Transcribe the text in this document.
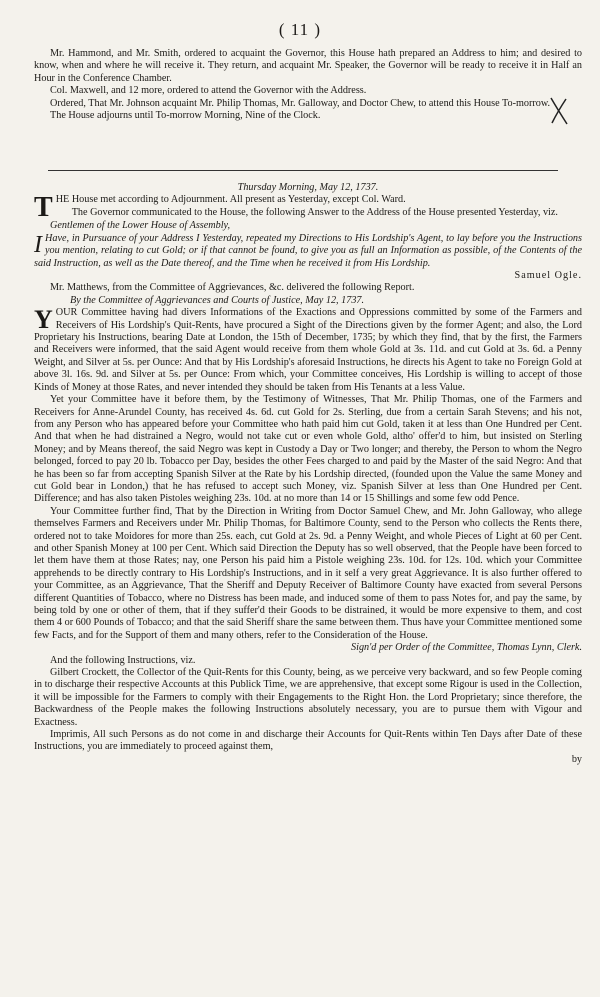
( 11 )

Mr. Hammond, and Mr. Smith, ordered to acquaint the Governor, this House hath prepared an Address to him; and desired to know, when and where he will receive it. They return, and acquaint Mr. Speaker, the Governor will be ready to receive it in Half an Hour in the Conference Chamber.

Col. Maxwell, and 12 more, ordered to attend the Governor with the Address.

Ordered, That Mr. Johnson acquaint Mr. Philip Thomas, Mr. Galloway, and Doctor Chew, to attend this House To-morrow.

The House adjourns until To-morrow Morning, Nine of the Clock.

Thursday Morning, May 12, 1737.

THE House met according to Adjournment. All present as Yesterday, except Col. Ward.

The Governor communicated to the House, the following Answer to the Address of the House presented Yesterday, viz.

Gentlemen of the Lower House of Assembly,

I Have, in Pursuance of your Address I Yesterday, repeated my Directions to His Lordship's Agent, to lay before you the Instructions you mention, relating to cut Gold; or if that cannot be found, to give you as full an Information as possible, of the Contents of the said Instruction, as well as the Date thereof, and the Time when he received it from His Lordship.

Samuel Ogle.

Mr. Matthews, from the Committee of Aggrievances, &c. delivered the following Report.

By the Committee of Aggrievances and Courts of Justice, May 12, 1737.

YOUR Committee having had divers Informations of the Exactions and Oppressions committed by some of the Farmers and Receivers of His Lordship's Quit-Rents, have procured a Sight of the Directions given by the former Agent; and also, the Lord Proprietary his Instructions, bearing Date at London, the 15th of December, 1735; by which they find, that by the first, the Farmers and Receivers were informed, that the said Agent would receive from them whole Gold at 3s. 11d. and cut Gold at 3s. 6d. a Penny Weight, and Silver at 5s. per Ounce: And that by His Lordship's aforesaid Instructions, he directs his Agent to take no Foreign Gold at above 3l. 16s. 9d. and Silver at 5s. per Ounce: From which, your Committee conceives, His Lordship is willing to accept of those Kinds of Money at those Rates, and never intended they should be taken from His Tenants at a less Value.

Yet your Committee have it before them, by the Testimony of Witnesses, That Mr. Philip Thomas, one of the Farmers and Receivers for Anne-Arundel County, has received 4s. 6d. cut Gold for 2s. Sterling, due from a certain Sarah Stevens; and his not, from any Person who has appeared before your Committee who hath paid him cut Gold, taken it at less than One Hundred per Cent. And that when he had distrained a Negro, would not take cut or even whole Gold, altho' offer'd to him, but insisted on Sterling Money; and by Means thereof, the said Negro was kept in Custody a Day or Two longer; and thereby, the Person to whom the Negro belonged, forced to pay 20 lb. Tobacco per Day, besides the other Fees charged to and paid by the Master of the said Negro: And that he has been so far from accepting Spanish Silver at the Rate by his Lordship directed, (founded upon the Value the same Money and cut Gold bear in London,) that he has refused to accept such Money, viz. Spanish Silver at less than One Hundred per Cent. Difference; and has also taken Pistoles weighing 23s. 10d. at no more than 14 or 15 Shillings and some few odd Pence.

Your Committee further find, That by the Direction in Writing from Doctor Samuel Chew, and Mr. John Galloway, who allege themselves Farmers and Receivers under Mr. Philip Thomas, for Baltimore County, send to the Person who collects the Rents there, ordered not to take Moidores for more than 25s. each, cut Gold at 2s. 9d. a Penny Weight, and whole Pieces of Light at 60 per Cent. and other Spanish Money at 100 per Cent. Which said Direction the Deputy has so well observed, that the People have been forced to let them have them at those Rates; nay, one Person his paid him a Pistole weighing 23s. 10d. for 12s. 10d. which your Committee apprehends to be directly contrary to His Lordship's Instructions, and in it self a very great Aggrievance. It is also further offered to your Committee, as an Aggrievance, That the Sheriff and Deputy Receiver of Baltimore County have exacted from several Persons different Quantities of Tobacco, where no Distress has been made, and induced some of them to pass Notes for, and pay the same, by being told by one or other of them, that if they suffer'd their Goods to be distrained, it would be more expensive to them, and cost them 4 or 600 Pounds of Tobacco; and that the said Sheriff share the same between them. Thus have your Committee mentioned some few Facts, and for the Support of them and many others, refer to the Consideration of the House.

Sign'd per Order of the Committee, Thomas Lynn, Clerk.

And the following Instructions, viz.

Gilbert Crockett, the Collector of the Quit-Rents for this County, being, as we perceive very backward, and so few People coming in to discharge their respective Accounts at this Publick Time, we are apprehensive, that except some Rigour is used in the Collection, it will be impossible for the Farmers to comply with their Engagements to the Right Hon. the Lord Proprietary; since therefore, the Backwardness of the People makes the following Instructions absolutely necessary, you are to pursue them with Vigour and Exactness.

Imprimis, All such Persons as do not come in and discharge their Accounts for Quit-Rents within Ten Days after Date of these Instructions, you are immediately to proceed against them,

by
